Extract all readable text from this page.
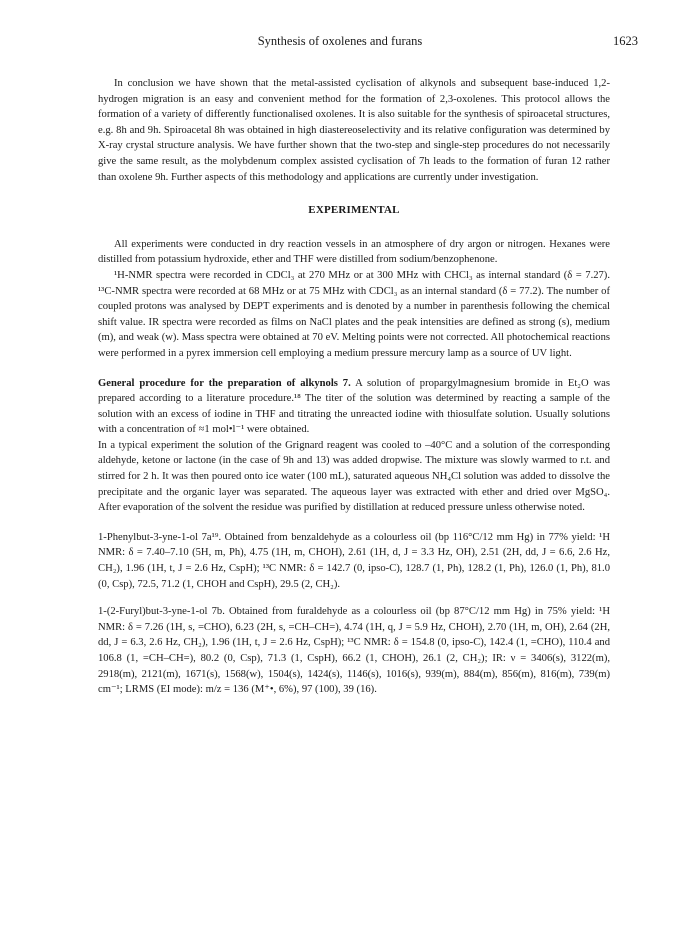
Synthesis of oxolenes and furans	1623

In conclusion we have shown that the metal-assisted cyclisation of alkynols and subsequent base-induced 1,2-hydrogen migration is an easy and convenient method for the formation of 2,3-oxolenes. This protocol allows the formation of a variety of differently functionalised oxolenes. It is also suitable for the synthesis of spiroacetal structures, e.g. 8h and 9h. Spiroacetal 8h was obtained in high diastereoselectivity and its relative configuration was determined by X-ray crystal structure analysis. We have further shown that the two-step and single-step procedures do not necessarily give the same result, as the molybdenum complex assisted cyclisation of 7h leads to the formation of furan 12 rather than oxolene 9h. Further aspects of this methodology and applications are currently under investigation.

EXPERIMENTAL

All experiments were conducted in dry reaction vessels in an atmosphere of dry argon or nitrogen. Hexanes were distilled from potassium hydroxide, ether and THF were distilled from sodium/benzophenone.

¹H-NMR spectra were recorded in CDCl₃ at 270 MHz or at 300 MHz with CHCl₃ as internal standard (δ = 7.27). ¹³C-NMR spectra were recorded at 68 MHz or at 75 MHz with CDCl₃ as an internal standard (δ = 77.2). The number of coupled protons was analysed by DEPT experiments and is denoted by a number in parenthesis following the chemical shift value. IR spectra were recorded as films on NaCl plates and the peak intensities are defined as strong (s), medium (m), and weak (w). Mass spectra were obtained at 70 eV. Melting points were not corrected. All photochemical reactions were performed in a pyrex immersion cell employing a medium pressure mercury lamp as a source of UV light.

General procedure for the preparation of alkynols 7. A solution of propargylmagnesium bromide in Et₂O was prepared according to a literature procedure.¹⁸ The titer of the solution was determined by reacting a sample of the solution with an excess of iodine in THF and titrating the unreacted iodine with thiosulfate solution. Usually solutions with a concentration of ≈1 mol•l⁻¹ were obtained.

In a typical experiment the solution of the Grignard reagent was cooled to –40°C and a solution of the corresponding aldehyde, ketone or lactone (in the case of 9h and 13) was added dropwise. The mixture was slowly warmed to r.t. and stirred for 2 h. It was then poured onto ice water (100 mL), saturated aqueous NH₄Cl solution was added to dissolve the precipitate and the organic layer was separated. The aqueous layer was extracted with ether and dried over MgSO₄. After evaporation of the solvent the residue was purified by distillation at reduced pressure unless otherwise noted.

1-Phenylbut-3-yne-1-ol 7a¹⁹. Obtained from benzaldehyde as a colourless oil (bp 116°C/12 mm Hg) in 77% yield: ¹H NMR: δ = 7.40–7.10 (5H, m, Ph), 4.75 (1H, m, CHOH), 2.61 (1H, d, J = 3.3 Hz, OH), 2.51 (2H, dd, J = 6.6, 2.6 Hz, CH₂), 1.96 (1H, t, J = 2.6 Hz, CspH); ¹³C NMR: δ = 142.7 (0, ipso-C), 128.7 (1, Ph), 128.2 (1, Ph), 126.0 (1, Ph), 81.0 (0, Csp), 72.5, 71.2 (1, CHOH and CspH), 29.5 (2, CH₂).

1-(2-Furyl)but-3-yne-1-ol 7b. Obtained from furaldehyde as a colourless oil (bp 87°C/12 mm Hg) in 75% yield: ¹H NMR: δ = 7.26 (1H, s, =CHO), 6.23 (2H, s, =CH–CH=), 4.74 (1H, q, J = 5.9 Hz, CHOH), 2.70 (1H, m, OH), 2.64 (2H, dd, J = 6.3, 2.6 Hz, CH₂), 1.96 (1H, t, J = 2.6 Hz, CspH); ¹³C NMR: δ = 154.8 (0, ipso-C), 142.4 (1, =CHO), 110.4 and 106.8 (1, =CH–CH=), 80.2 (0, Csp), 71.3 (1, CspH), 66.2 (1, CHOH), 26.1 (2, CH₂); IR: ν = 3406(s), 3122(m), 2918(m), 2121(m), 1671(s), 1568(w), 1504(s), 1424(s), 1146(s), 1016(s), 939(m), 884(m), 856(m), 816(m), 739(m) cm⁻¹; LRMS (EI mode): m/z = 136 (M⁺•, 6%), 97 (100), 39 (16).
